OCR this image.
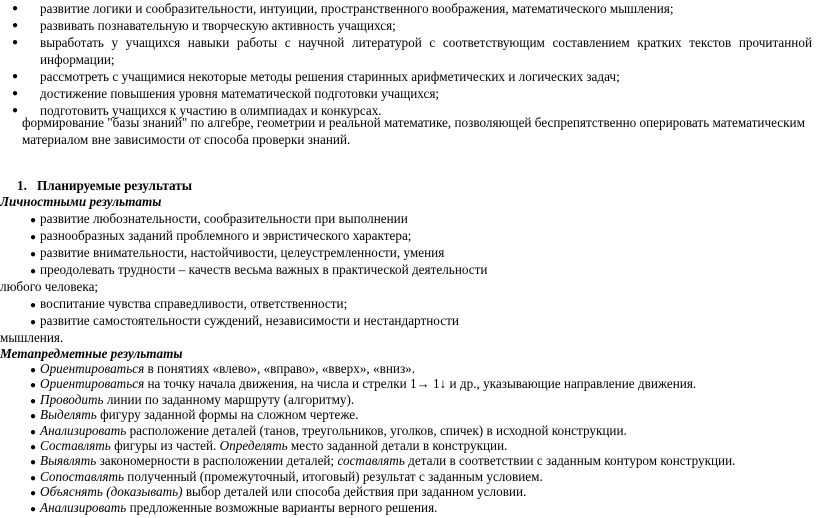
● развитие логики и сообразительности, интуиции, пространственного воображения, математического мышления;
● развивать познавательную и творческую активность учащихся;
● выработать у учащихся навыки работы с научной литературой с соответствующим составлением кратких текстов прочитанной информации;
● рассмотреть с учащимися некоторые методы решения старинных арифметических и логических задач;
● достижение повышения уровня математической подготовки учащихся;
● подготовить учащихся к участию в олимпиадах и конкурсах.
формирование "базы знаний" по алгебре, геометрии и реальной математике, позволяющей беспрепятственно оперировать математическим материалом вне зависимости от способа проверки знаний.
1. Планируемые результаты
Личностными результаты
● развитие любознательности, сообразительности при выполнении
● разнообразных заданий проблемного и эвристического характера;
● развитие внимательности, настойчивости, целеустремленности, умения
● преодолевать трудности – качеств весьма важных в практической деятельности
любого человека;
● воспитание чувства справедливости, ответственности;
● развитие самостоятельности суждений, независимости и нестандартности
мышления.
Метапредметные результаты
● Ориентироваться в понятиях «влево», «вправо», «вверх», «вниз».
● Ориентироваться на точку начала движения, на числа и стрелки 1→ 1↓ и др., указывающие направление движения.
● Проводить линии по заданному маршруту (алгоритму).
● Выделять фигуру заданной формы на сложном чертеже.
● Анализировать расположение деталей (танов, треугольников, уголков, спичек) в исходной конструкции.
● Составлять фигуры из частей. Определять место заданной детали в конструкции.
● Выявлять закономерности в расположении деталей; составлять детали в соответствии с заданным контуром конструкции.
● Сопоставлять полученный (промежуточный, итоговый) результат с заданным условием.
● Объяснять (доказывать) выбор деталей или способа действия при заданном условии.
● Анализировать предложенные возможные варианты верного решения.
